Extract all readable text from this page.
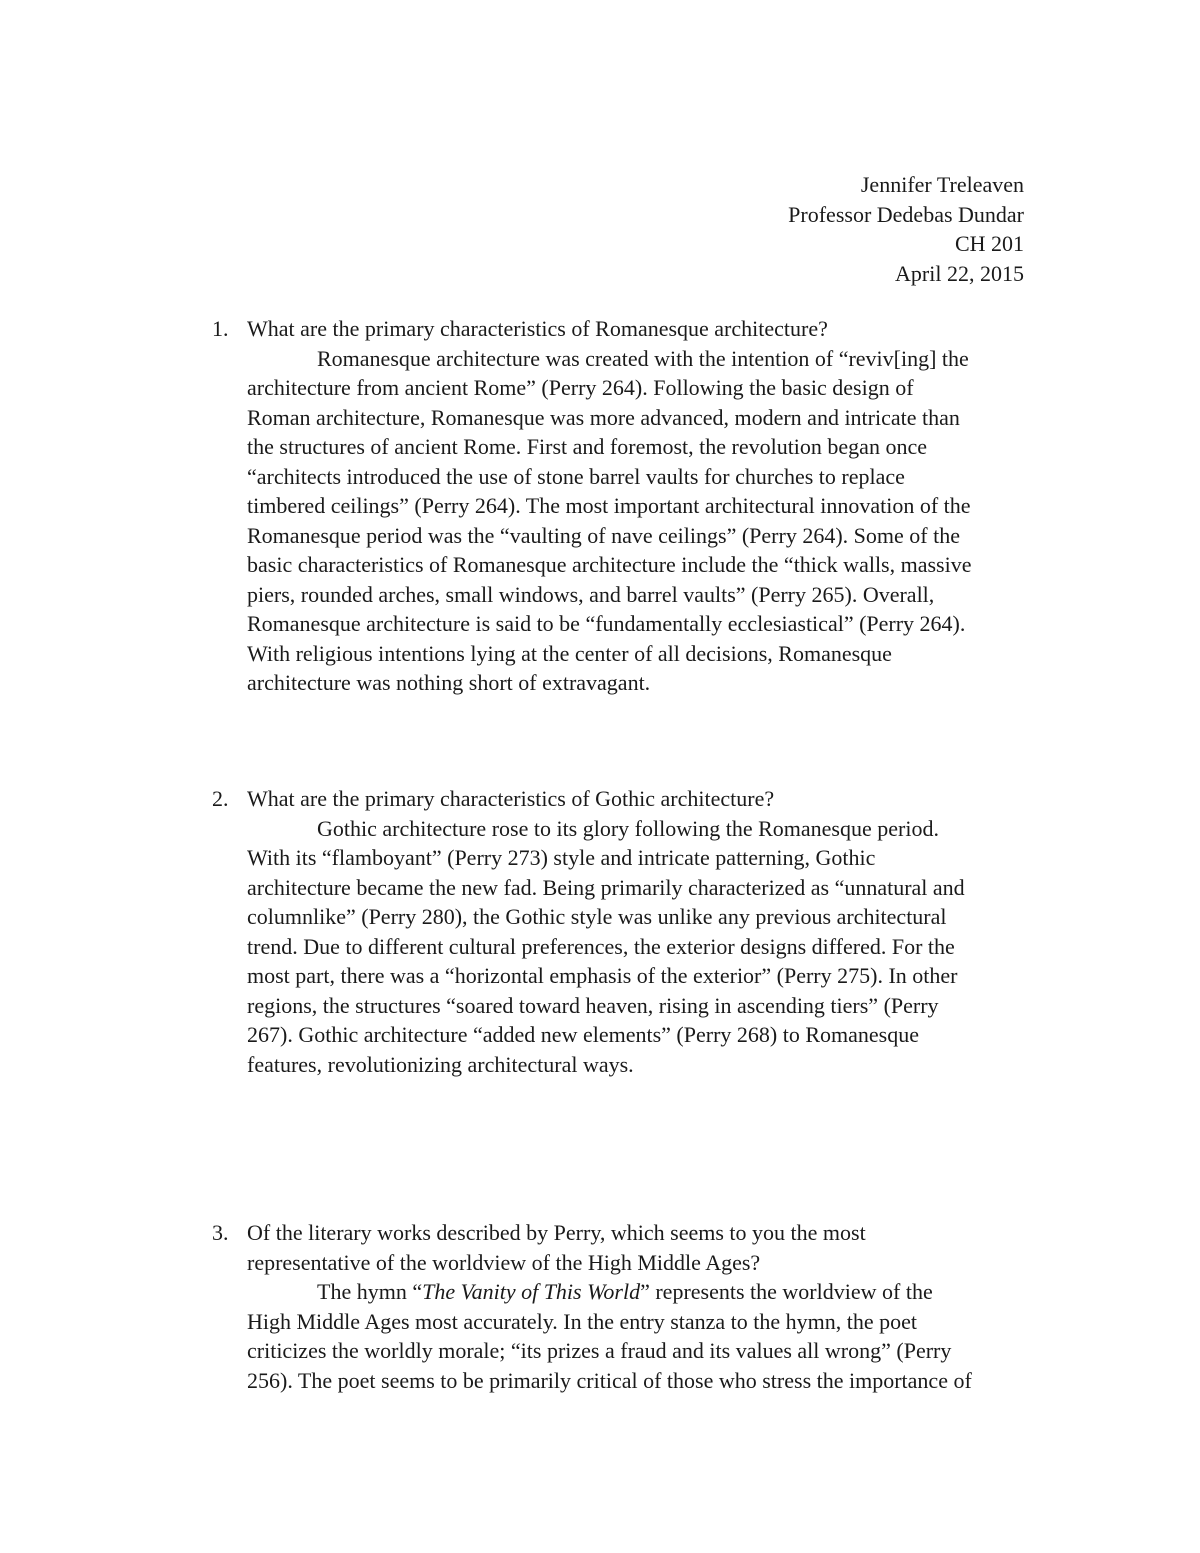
Jennifer Treleaven
Professor Dedebas Dundar
CH 201
April 22, 2015
1. What are the primary characteristics of Romanesque architecture?

Romanesque architecture was created with the intention of “reviv[ing] the
architecture from ancient Rome” (Perry 264). Following the basic design of
Roman architecture, Romanesque was more advanced, modern and intricate than
the structures of ancient Rome. First and foremost, the revolution began once
“architects introduced the use of stone barrel vaults for churches to replace
timbered ceilings” (Perry 264). The most important architectural innovation of the
Romanesque period was the “vaulting of nave ceilings” (Perry 264). Some of the
basic characteristics of Romanesque architecture include the “thick walls, massive
piers, rounded arches, small windows, and barrel vaults” (Perry 265). Overall,
Romanesque architecture is said to be “fundamentally ecclesiastical” (Perry 264).
With religious intentions lying at the center of all decisions, Romanesque
architecture was nothing short of extravagant.

2. What are the primary characteristics of Gothic architecture?

Gothic architecture rose to its glory following the Romanesque period.
With its “flamboyant” (Perry 273) style and intricate patterning, Gothic
architecture became the new fad. Being primarily characterized as “unnatural and
columnlike” (Perry 280), the Gothic style was unlike any previous architectural
trend. Due to different cultural preferences, the exterior designs differed. For the
most part, there was a “horizontal emphasis of the exterior” (Perry 275). In other
regions, the structures “soared toward heaven, rising in ascending tiers” (Perry
267). Gothic architecture “added new elements” (Perry 268) to Romanesque
features, revolutionizing architectural ways.

3. Of the literary works described by Perry, which seems to you the most
representative of the worldview of the High Middle Ages?

The hymn “The Vanity of This World” represents the worldview of the
High Middle Ages most accurately. In the entry stanza to the hymn, the poet
criticizes the worldly morale; “its prizes a fraud and its values all wrong” (Perry
256). The poet seems to be primarily critical of those who stress the importance of
